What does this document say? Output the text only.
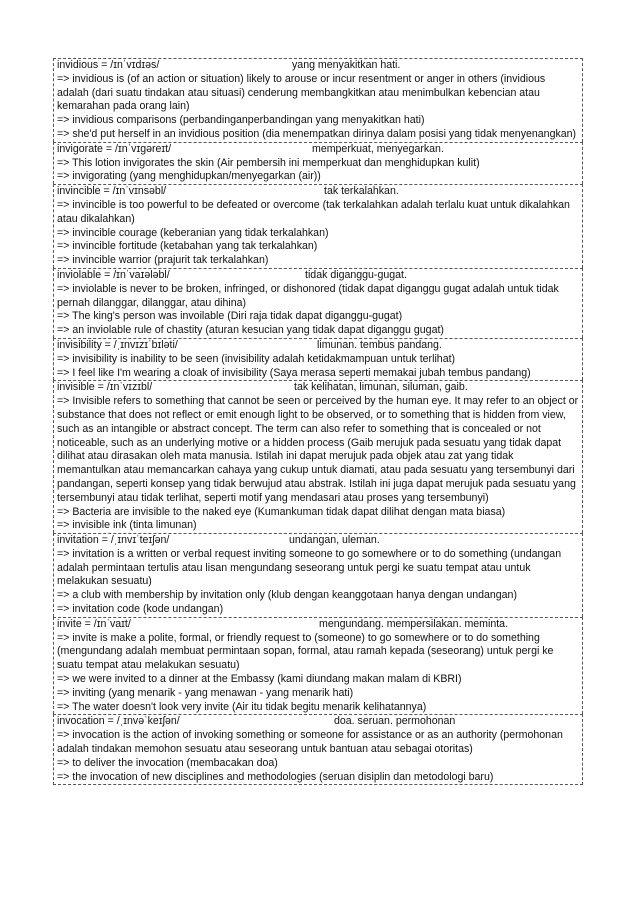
invidious = /ɪnˈvɪdɪəs/	yang menyakitkan hati.
=> invidious is (of an action or situation) likely to arouse or incur resentment or anger in others (invidious adalah (dari suatu tindakan atau situasi) cenderung membangkitkan atau menimbulkan kebencian atau kemarahan pada orang lain)
=> invidious comparisons (perbandinganperbandingan yang menyakitkan hati)
=> she'd put herself in an invidious position (dia menempatkan dirinya dalam posisi yang tidak menyenangkan)
invigorate = /ɪnˈvɪɡəreɪt/	memperkuat, menyegarkan.
=> This lotion invigorates the skin (Air pembersih ini memperkuat dan menghidupkan kulit)
=> invigorating (yang menghidupkan/menyegarkan (air))
invincible = /ɪnˈvɪnsəbl/	tak terkalahkan.
=> invincible is too powerful to be defeated or overcome (tak terkalahkan adalah terlalu kuat untuk dikalahkan atau dikalahkan)
=> invincible courage (keberanian yang tidak terkalahkan)
=> invincible fortitude (ketabahan yang tak terkalahkan)
=> invincible warrior (prajurit tak terkalahkan)
inviolable = /ɪnˈvaɪələbl/	tidak diganggu-gugat.
=> inviolable is never to be broken, infringed, or dishonored (tidak dapat diganggu gugat adalah untuk tidak pernah dilanggar, dilanggar, atau dihina)
=> The king's person was invoilable (Diri raja tidak dapat diganggu-gugat)
=> an inviolable rule of chastity (aturan kesucian yang tidak dapat diganggu gugat)
invisibility = /ˌɪnvɪzɪˈbɪləti/	limunan. tembus pandang.
=> invisibility is inability to be seen (invisibility adalah ketidakmampuan untuk terlihat)
=> I feel like I'm wearing a cloak of invisibility (Saya merasa seperti memakai jubah tembus pandang)
invisible = /ɪnˈvɪzɪbl/	tak kelihatan, limunan, siluman, gaib.
=> Invisible refers to something that cannot be seen or perceived by the human eye. It may refer to an object or substance that does not reflect or emit enough light to be observed, or to something that is hidden from view, such as an intangible or abstract concept. The term can also refer to something that is concealed or not noticeable, such as an underlying motive or a hidden process (Gaib merujuk pada sesuatu yang tidak dapat dilihat atau dirasakan oleh mata manusia. Istilah ini dapat merujuk pada objek atau zat yang tidak memantulkan atau memancarkan cahaya yang cukup untuk diamati, atau pada sesuatu yang tersembunyi dari pandangan, seperti konsep yang tidak berwujud atau abstrak. Istilah ini juga dapat merujuk pada sesuatu yang tersembunyi atau tidak terlihat, seperti motif yang mendasari atau proses yang tersembunyi)
=> Bacteria are invisible to the naked eye (Kumankuman tidak dapat dilihat dengan mata biasa)
=> invisible ink (tinta limunan)
invitation = /ˌɪnvɪˈteɪʃən/	undangan, uleman.
=> invitation is a written or verbal request inviting someone to go somewhere or to do something (undangan adalah permintaan tertulis atau lisan mengundang seseorang untuk pergi ke suatu tempat atau untuk melakukan sesuatu)
=> a club with membership by invitation only (klub dengan keanggotaan hanya dengan undangan)
=> invitation code (kode undangan)
invite = /ɪnˈvaɪt/	mengundang. mempersilakan. meminta.
=> invite is make a polite, formal, or friendly request to (someone) to go somewhere or to do something (mengundang adalah membuat permintaan sopan, formal, atau ramah kepada (seseorang) untuk pergi ke suatu tempat atau melakukan sesuatu)
=> we were invited to a dinner at the Embassy (kami diundang makan malam di KBRI)
=> inviting (yang menarik - yang menawan - yang menarik hati)
=> The water doesn't look very invite (Air itu tidak begitu menarik kelihatannya)
invocation = /ˌɪnvəˈkeɪʃən/	doa. seruan. permohonan
=> invocation is the action of invoking something or someone for assistance or as an authority (permohonan adalah tindakan memohon sesuatu atau seseorang untuk bantuan atau sebagai otoritas)
=> to deliver the invocation (membacakan doa)
=> the invocation of new disciplines and methodologies (seruan disiplin dan metodologi baru)
